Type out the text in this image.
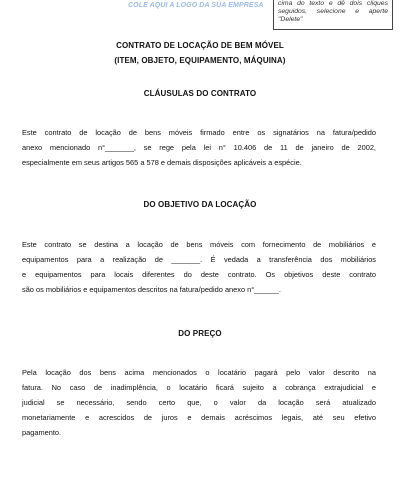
COLE AQUI A LOGO DA SUA EMPRESA	cima do texto e dê dois cliques seguidos, selecione e aperte "Delete"
CONTRATO DE LOCAÇÃO DE BEM MÓVEL
(ITEM, OBJETO, EQUIPAMENTO, MÁQUINA)
CLÁUSULAS DO CONTRATO
Este contrato de locação de bens móveis firmado entre os signatários na fatura/pedido
anexo mencionado n°_______, se rege pela lei n° 10.406 de 11 de janeiro de 2002,
especialmente em seus artigos 565 a 578 e demais disposições aplicáveis a espécie.
DO OBJETIVO DA LOCAÇÃO
Este contrato se destina a locação de bens móveis com fornecimento de mobiliários e
equipamentos para a realização de _______. É vedada a transferência dos mobiliários
e equipamentos para locais diferentes do deste contrato. Os objetivos deste contrato
são os mobiliários e equipamentos descritos na fatura/pedido anexo n°______.
DO PREÇO
Pela locação dos bens acima mencionados o locatário pagará pelo valor descrito na
fatura. No caso de inadimplência, o locatário ficará sujeito a cobrança extrajudicial e
judicial se necessário, sendo certo que, o valor da locação será atualizado
monetariamente e acrescidos de juros e demais acréscimos legais, até seu efetivo
pagamento.
